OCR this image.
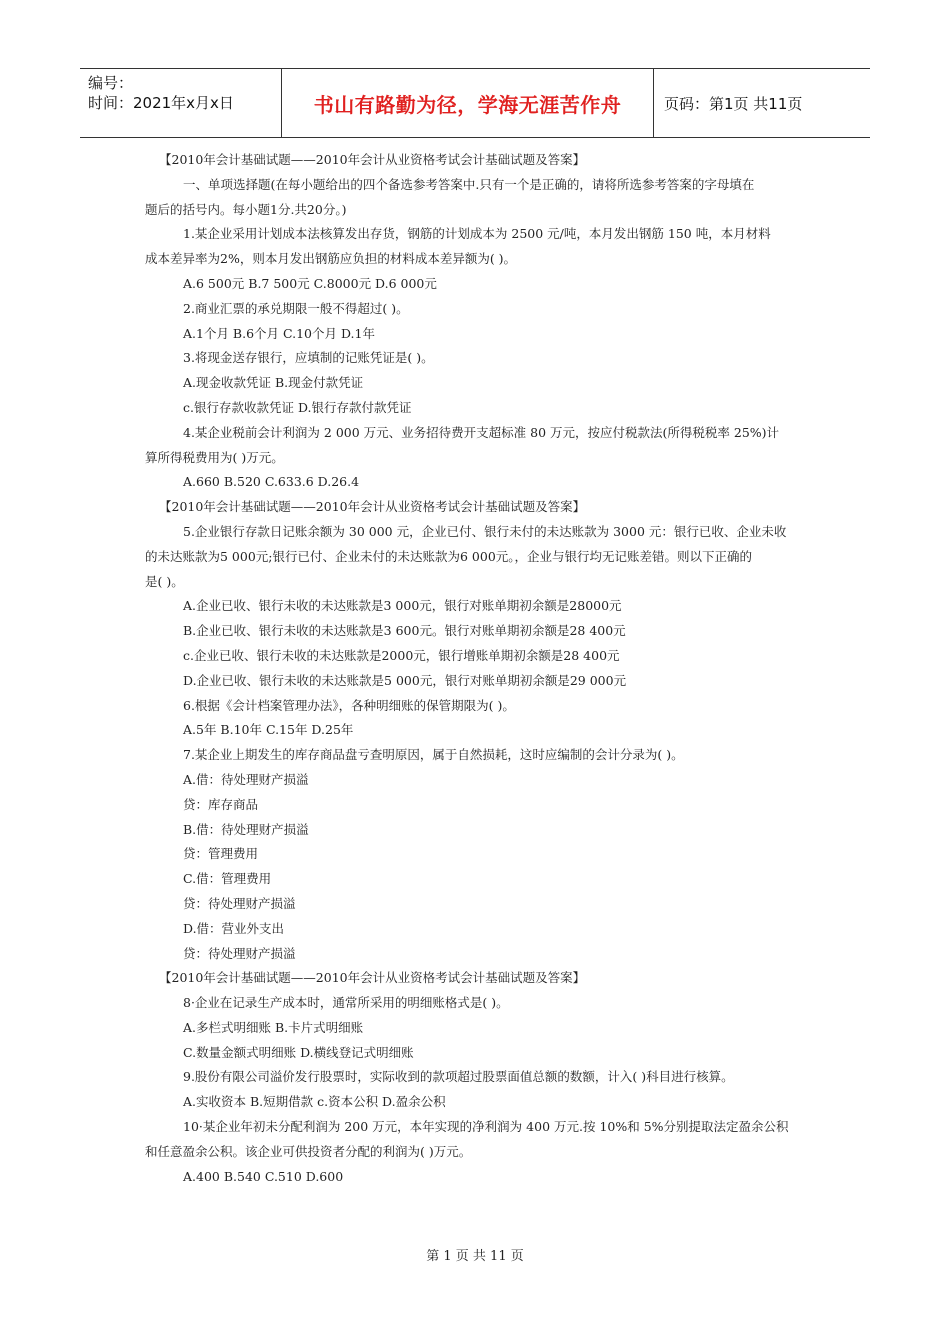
编号：
时间：2021年x月x日	书山有路勤为径，学海无涯苦作舟	页码：第1页 共11页
【2010年会计基础试题——2010年会计从业资格考试会计基础试题及答案】
一、单项选择题(在每小题给出的四个备选参考答案中.只有一个是正确的，请将所选参考答案的字母填在
题后的括号内。每小题1分.共20分。)
1.某企业采用计划成本法核算发出存货，钢筋的计划成本为 2500 元/吨，本月发出钢筋 150 吨，本月材料
成本差异率为2%，则本月发出钢筋应负担的材料成本差异额为( )。
A.6 500元 B.7 500元 C.8000元 D.6 000元
2.商业汇票的承兑期限一般不得超过( )。
A.1个月 B.6个月 C.10个月 D.1年
3.将现金送存银行，应填制的记账凭证是( )。
A.现金收款凭证 B.现金付款凭证
c.银行存款收款凭证 D.银行存款付款凭证
4.某企业税前会计利润为 2 000 万元、业务招待费开支超标准 80 万元，按应付税款法(所得税税率 25%)计
算所得税费用为( )万元。
A.660 B.520 C.633.6 D.26.4
【2010年会计基础试题——2010年会计从业资格考试会计基础试题及答案】
5.企业银行存款日记账余额为 30 000 元，企业已付、银行未付的未达账款为 3000 元：银行已收、企业未收
的未达账款为5 000元;银行已付、企业未付的未达账款为6 000元。，企业与银行均无记账差错。则以下正确的
是( )。
A.企业已收、银行未收的未达账款是3 000元，银行对账单期初余额是28000元
B.企业已收、银行未收的未达账款是3 600元。银行对账单期初余额是28 400元
c.企业已收、银行未收的未达账款是2000元，银行增账单期初余额是28 400元
D.企业已收、银行未收的未达账款是5 000元，银行对账单期初余额是29 000元
6.根据《会计档案管理办法》，各种明细账的保管期限为( )。
A.5年 B.10年 C.15年 D.25年
7.某企业上期发生的库存商品盘亏查明原因，属于自然损耗，这时应编制的会计分录为( )。
A.借：待处理财产损溢
贷：库存商品
B.借：待处理财产损溢
贷：管理费用
C.借：管理费用
贷：待处理财产损溢
D.借：营业外支出
贷：待处理财产损溢
【2010年会计基础试题——2010年会计从业资格考试会计基础试题及答案】
8·企业在记录生产成本时，通常所采用的明细账格式是( )。
A.多栏式明细账 B.卡片式明细账
C.数量金额式明细账 D.横线登记式明细账
9.股份有限公司溢价发行股票时，实际收到的款项超过股票面值总额的数额，计入( )科目进行核算。
A.实收资本 B.短期借款 c.资本公积 D.盈余公积
10·某企业年初未分配利润为 200 万元，本年实现的净利润为 400 万元.按 10%和 5%分别提取法定盈余公积
和任意盈余公积。该企业可供投资者分配的利润为( )万元。
A.400 B.540 C.510 D.600
第 1 页 共 11 页
